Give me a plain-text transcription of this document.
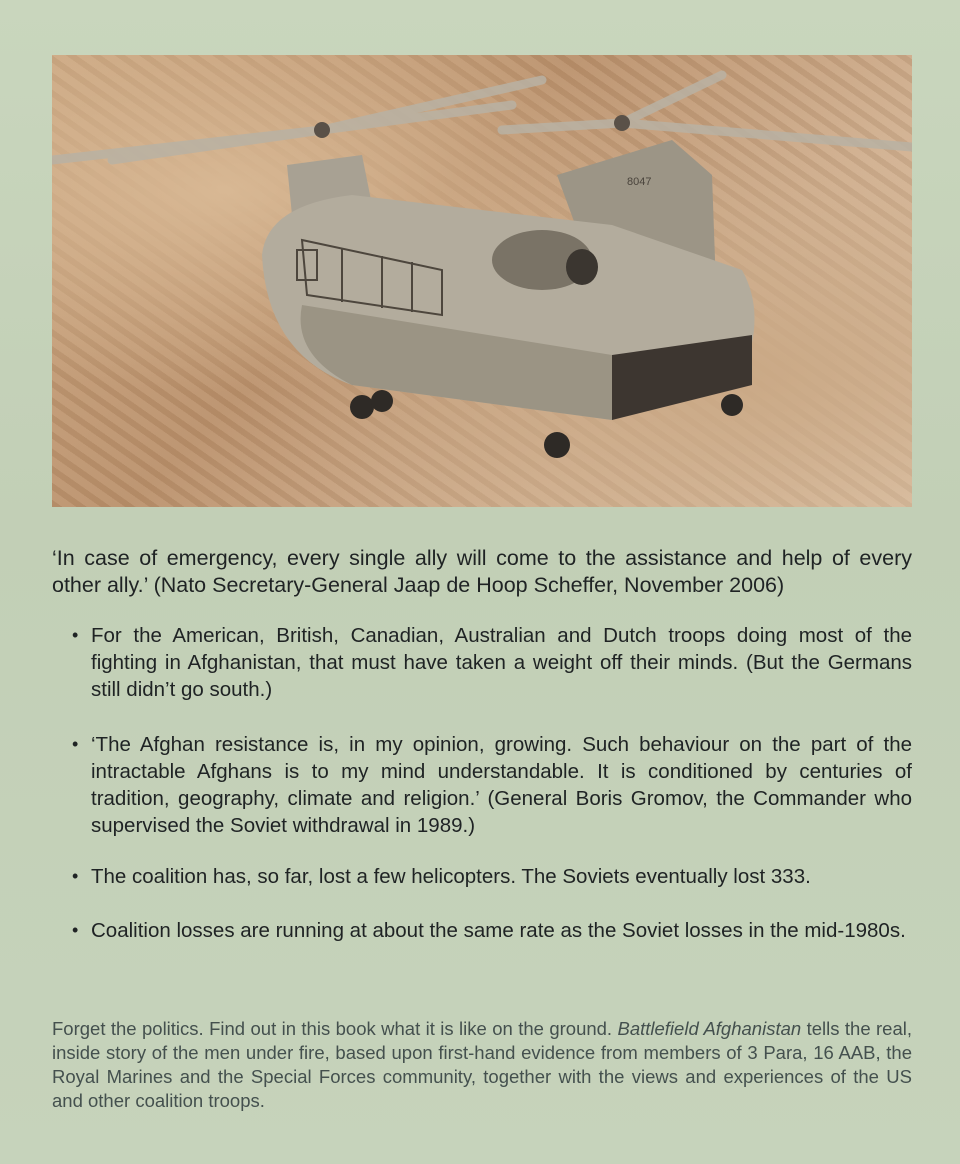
8047
‘In case of emergency, every single ally will come to the assistance and help of every other ally.’ (Nato Secretary-General Jaap de Hoop Scheffer, November 2006)
• For the American, British, Canadian, Australian and Dutch troops doing most of the fighting in Afghanistan, that must have taken a weight off their minds. (But the Germans still didn’t go south.)
• ‘The Afghan resistance is, in my opinion, growing. Such behaviour on the part of the intractable Afghans is to my mind understandable. It is conditioned by centuries of tradition, geography, climate and religion.’ (General Boris Gromov, the Commander who supervised the Soviet withdrawal in 1989.)
• The coalition has, so far, lost a few helicopters. The Soviets eventually lost 333.
• Coalition losses are running at about the same rate as the Soviet losses in the mid-1980s.
Forget the politics. Find out in this book what it is like on the ground. Battlefield Afghanistan tells the real, inside story of the men under fire, based upon first-hand evidence from members of 3 Para, 16 AAB, the Royal Marines and the Special Forces community, together with the views and experiences of the US and other coalition troops.
